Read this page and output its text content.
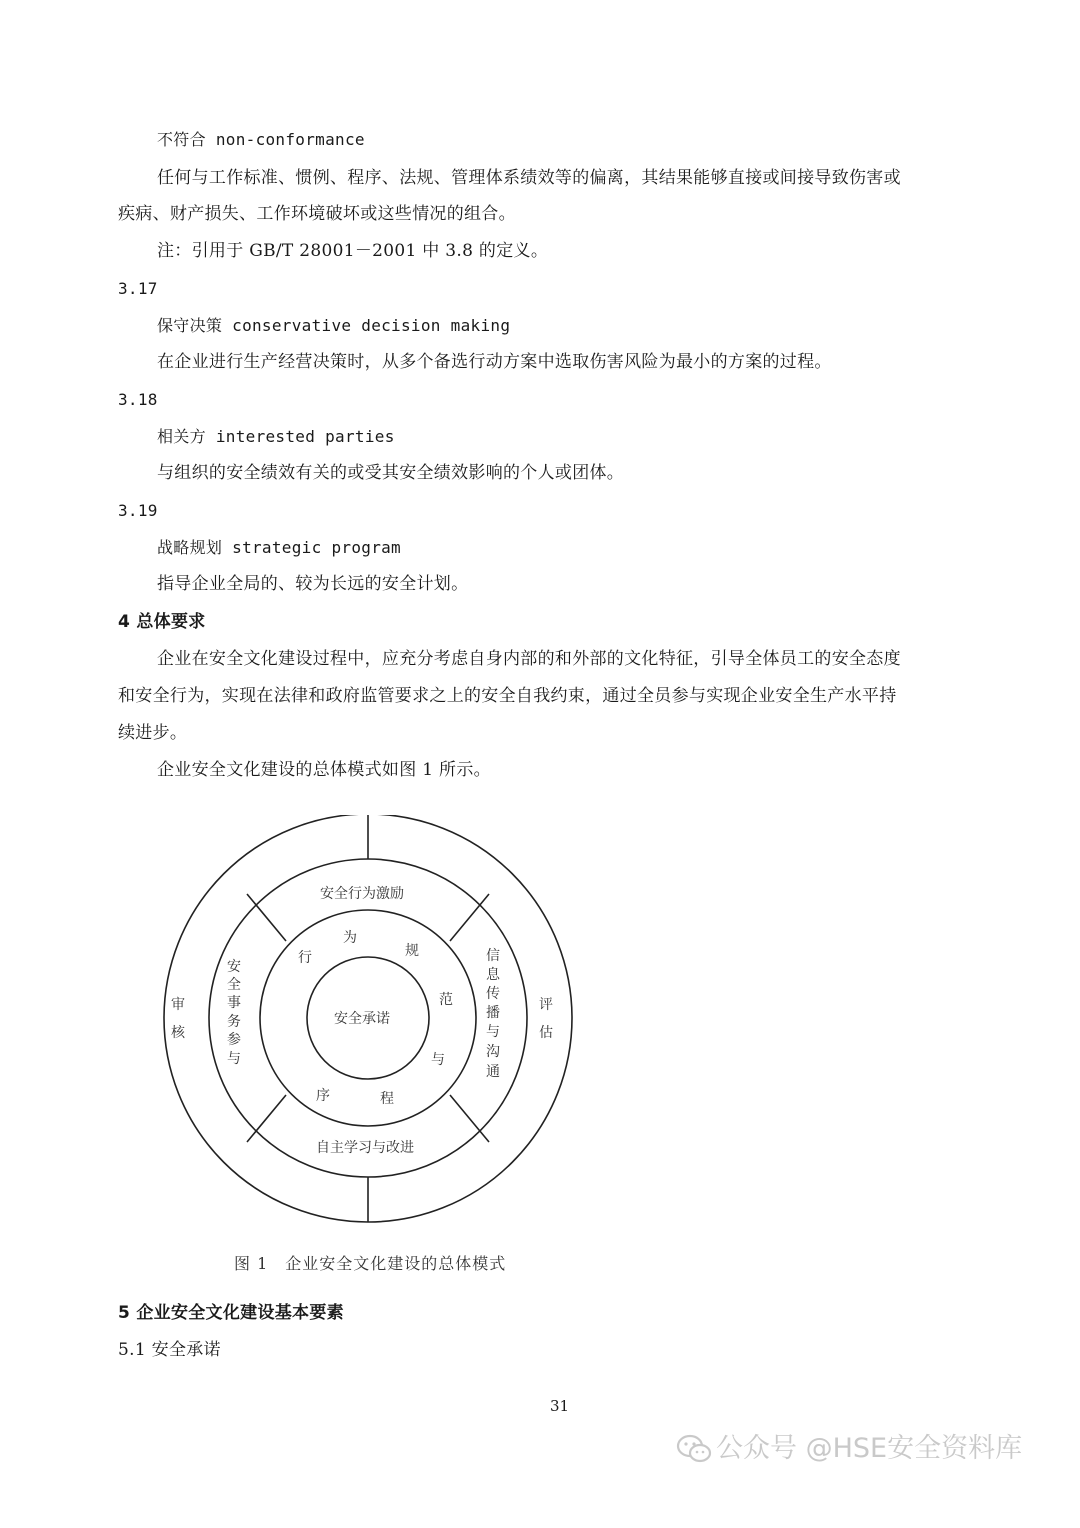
不符合 non-conformance
任何与工作标准、惯例、程序、法规、管理体系绩效等的偏离，其结果能够直接或间接导致伤害或
疾病、财产损失、工作环境破坏或这些情况的组合。
注：引用于 GB/T 28001－2001 中 3.8 的定义。
3.17
保守决策 conservative decision making
在企业进行生产经营决策时，从多个备选行动方案中选取伤害风险为最小的方案的过程。
3.18
相关方 interested parties
与组织的安全绩效有关的或受其安全绩效影响的个人或团体。
3.19
战略规划 strategic program
指导企业全局的、较为长远的安全计划。
4 总体要求
企业在安全文化建设过程中，应充分考虑自身内部的和外部的文化特征，引导全体员工的安全态度
和安全行为，实现在法律和政府监管要求之上的安全自我约束，通过全员参与实现企业安全生产水平持
续进步。
企业安全文化建设的总体模式如图 1 所示。
安全承诺
安全行为激励
自主学习与改进
安
全
事
务
参
与
信
息
传
播
与
沟
通
审
核
评
估
行
为
规
范
与
程
序
图 1　企业安全文化建设的总体模式
5 企业安全文化建设基本要素
5.1 安全承诺
31
公众号 @HSE安全资料库
